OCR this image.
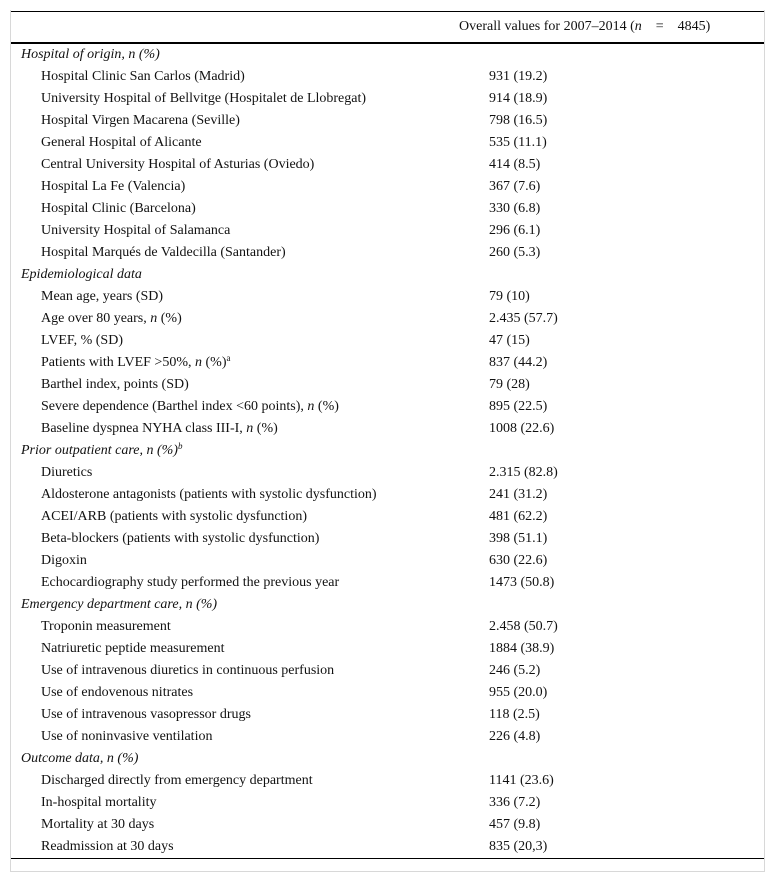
Overall values for 2007–2014 (n = 4845)	
Hospital of origin, n (%)	
Hospital Clinic San Carlos (Madrid)	931 (19.2)
University Hospital of Bellvitge (Hospitalet de Llobregat)	914 (18.9)
Hospital Virgen Macarena (Seville)	798 (16.5)
General Hospital of Alicante	535 (11.1)
Central University Hospital of Asturias (Oviedo)	414 (8.5)
Hospital La Fe (Valencia)	367 (7.6)
Hospital Clinic (Barcelona)	330 (6.8)
University Hospital of Salamanca	296 (6.1)
Hospital Marqués de Valdecilla (Santander)	260 (5.3)
Epidemiological data	
Mean age, years (SD)	79 (10)
Age over 80 years, n (%)	2.435 (57.7)
LVEF, % (SD)	47 (15)
Patients with LVEF >50%, n (%)$^a$	837 (44.2)
Barthel index, points (SD)	79 (28)
Severe dependence (Barthel index <60 points), n (%)	895 (22.5)
Baseline dyspnea NYHA class III-I, n (%)	1008 (22.6)
Prior outpatient care, n (%)$^b$
Diuretics	2.315 (82.8)
Aldosterone antagonists (patients with systolic dysfunction)	241 (31.2)
ACEI/ARB (patients with systolic dysfunction)	481 (62.2)
Beta-blockers (patients with systolic dysfunction)	398 (51.1)
Digoxin	630 (22.6)
Echocardiography study performed the previous year	1473 (50.8)
Emergency department care, n (%)	
Troponin measurement	2.458 (50.7)
Natriuretic peptide measurement	1884 (38.9)
Use of intravenous diuretics in continuous perfusion	246 (5.2)
Use of endovenous nitrates	955 (20.0)
Use of intravenous vasopressor drugs	118 (2.5)
Use of noninvasive ventilation	226 (4.8)
Outcome data, n (%)	
Discharged directly from emergency department	1141 (23.6)
In-hospital mortality	336 (7.2)
Mortality at 30 days	457 (9.8)
Readmission at 30 days	835 (20,3)
